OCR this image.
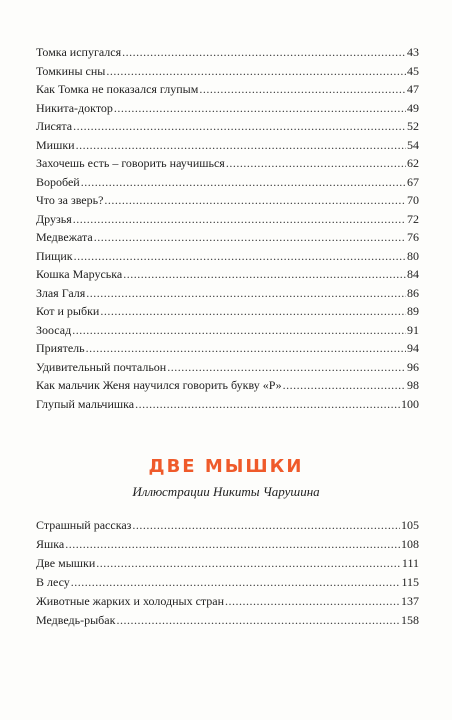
Томка испугался .....	43
Томкины сны .....	45
Как Томка не показался глупым .....	47
Никита-доктор .....	49
Лисята .....	52
Мишки .....	54
Захочешь есть – говорить научишься .....	62
Воробей .....	67
Что за зверь? .....	70
Друзья .....	72
Медвежата .....	76
Пищик .....	80
Кошка Маруська .....	84
Злая Галя .....	86
Кот и рыбки .....	89
Зоосад .....	91
Приятель .....	94
Удивительный почтальон .....	96
Как мальчик Женя научился говорить букву «Р» .....	98
Глупый мальчишка .....	100
ДВЕ МЫШКИ

Иллюстрации Никиты Чарушина

Страшный рассказ .....	105
Яшка .....	108
Две мышки .....	111
В лесу .....	115
Животные жарких и холодных стран .....	137
Медведь-рыбак .....	158
